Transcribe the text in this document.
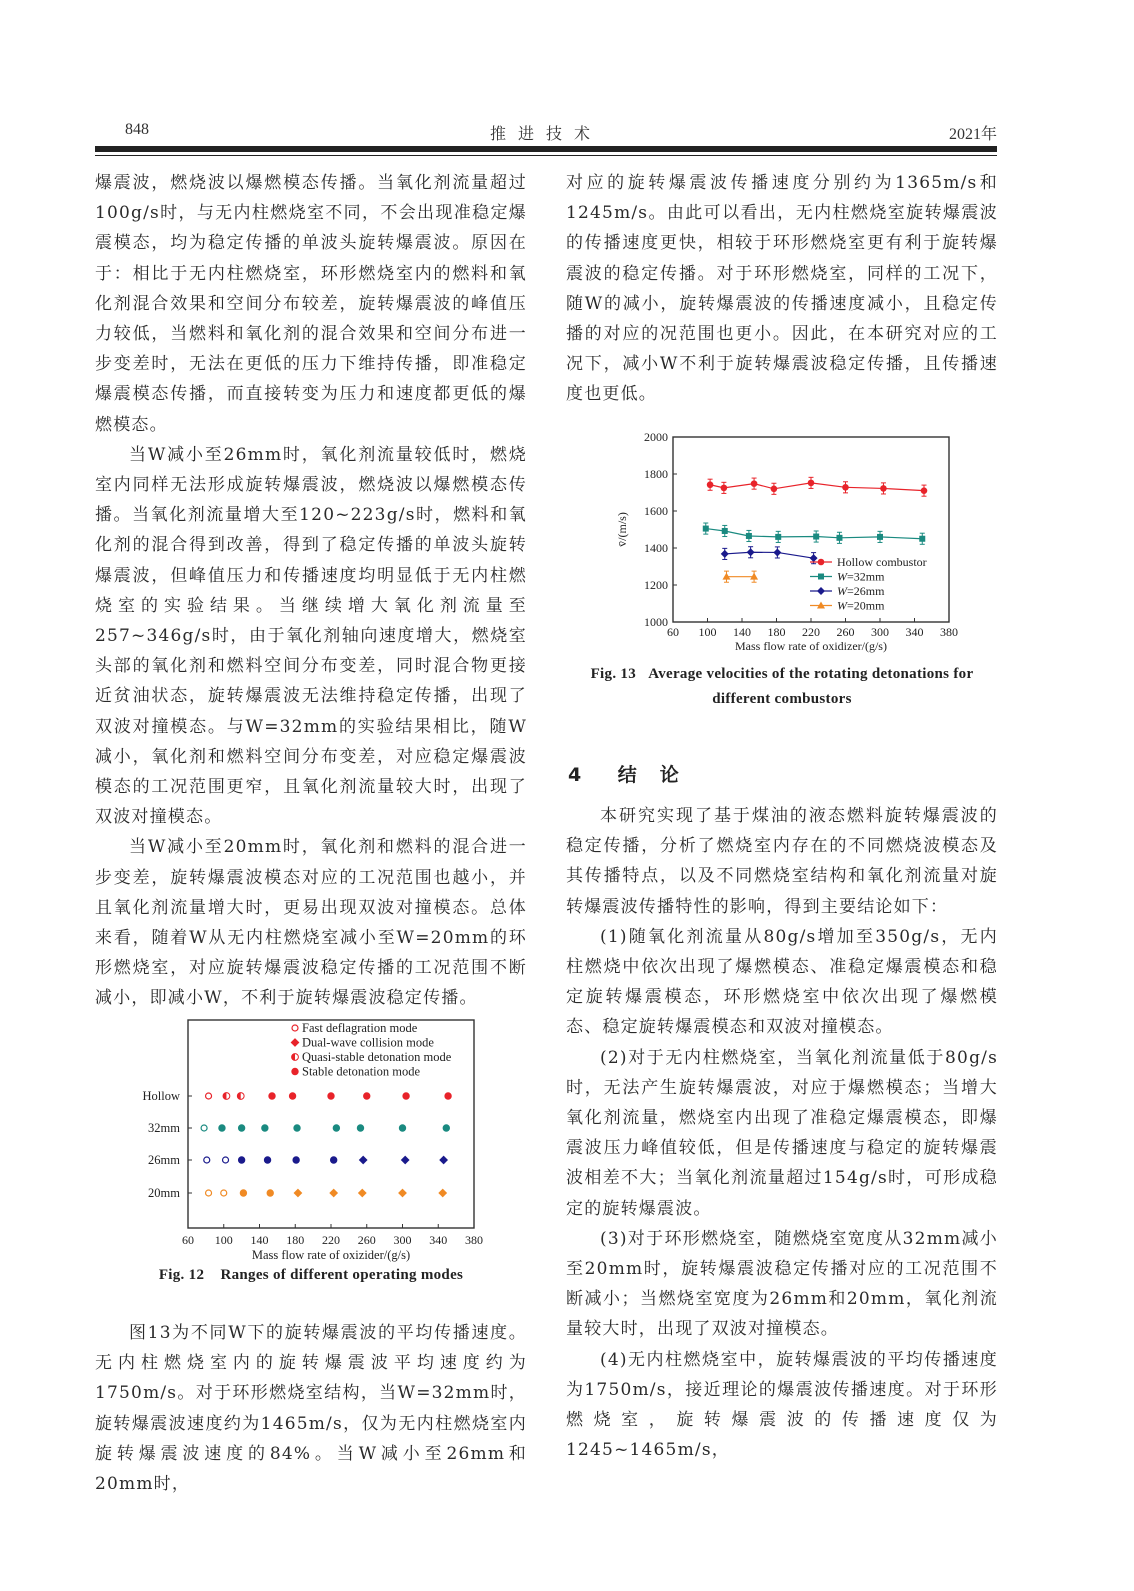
848	推进技术	2021年

爆震波，燃烧波以爆燃模态传播。当氧化剂流量超过100g/s时，与无内柱燃烧室不同，不会出现准稳定爆震模态，均为稳定传播的单波头旋转爆震波。原因在于：相比于无内柱燃烧室，环形燃烧室内的燃料和氧化剂混合效果和空间分布较差，旋转爆震波的峰值压力较低，当燃料和氧化剂的混合效果和空间分布进一步变差时，无法在更低的压力下维持传播，即准稳定爆震模态传播，而直接转变为压力和速度都更低的爆燃模态。

当W减小至26mm时，氧化剂流量较低时，燃烧室内同样无法形成旋转爆震波，燃烧波以爆燃模态传播。当氧化剂流量增大至120~223g/s时，燃料和氧化剂的混合得到改善，得到了稳定传播的单波头旋转爆震波，但峰值压力和传播速度均明显低于无内柱燃烧室的实验结果。当继续增大氧化剂流量至257~346g/s时，由于氧化剂轴向速度增大，燃烧室头部的氧化剂和燃料空间分布变差，同时混合物更接近贫油状态，旋转爆震波无法维持稳定传播，出现了双波对撞模态。与W=32mm的实验结果相比，随W减小，氧化剂和燃料空间分布变差，对应稳定爆震波模态的工况范围更窄，且氧化剂流量较大时，出现了双波对撞模态。

当W减小至20mm时，氧化剂和燃料的混合进一步变差，旋转爆震波模态对应的工况范围也越小，并且氧化剂流量增大时，更易出现双波对撞模态。总体来看，随着W从无内柱燃烧室减小至W=20mm的环形燃烧室，对应旋转爆震波稳定传播的工况范围不断减小，即减小W，不利于旋转爆震波稳定传播。

60 100 140 180 220 260 300 340 380
Mass flow rate of oxizider/(g/s)
Hollow
32mm
26mm
20mm
Fast deflagration mode
Dual-wave collision mode
Quasi-stable detonation mode
Stable detonation mode
Fig. 12 Ranges of different operating modes

图13为不同W下的旋转爆震波的平均传播速度。无内柱燃烧室内的旋转爆震波平均速度约为1750m/s。对于环形燃烧室结构，当W=32mm时，旋转爆震波速度约为1465m/s，仅为无内柱燃烧室内旋转爆震波速度的84%。当W减小至26mm和20mm时，

对应的旋转爆震波传播速度分别约为1365m/s和1245m/s。由此可以看出，无内柱燃烧室旋转爆震波的传播速度更快，相较于环形燃烧室更有利于旋转爆震波的稳定传播。对于环形燃烧室，同样的工况下，随W的减小，旋转爆震波的传播速度减小，且稳定传播的对应的况范围也更小。因此，在本研究对应的工况下，减小W不利于旋转爆震波稳定传播，且传播速度也更低。

60 100 140 180 220 260 300 340 380
1000
1200
1400
1600
1800
2000
Mass flow rate of oxidizer/(g/s)
v̄/(m/s)
Hollow combustor
W=32mm
W=26mm
W=20mm
Fig. 13 Average velocities of the rotating detonations for
different combustors
4 结　论

本研究实现了基于煤油的液态燃料旋转爆震波的稳定传播，分析了燃烧室内存在的不同燃烧波模态及其传播特点，以及不同燃烧室结构和氧化剂流量对旋转爆震波传播特性的影响，得到主要结论如下：

(1)随氧化剂流量从80g/s增加至350g/s，无内柱燃烧中依次出现了爆燃模态、准稳定爆震模态和稳定旋转爆震模态，环形燃烧室中依次出现了爆燃模态、稳定旋转爆震模态和双波对撞模态。

(2)对于无内柱燃烧室，当氧化剂流量低于80g/s时，无法产生旋转爆震波，对应于爆燃模态；当增大氧化剂流量，燃烧室内出现了准稳定爆震模态，即爆震波压力峰值较低，但是传播速度与稳定的旋转爆震波相差不大；当氧化剂流量超过154g/s时，可形成稳定的旋转爆震波。

(3)对于环形燃烧室，随燃烧室宽度从32mm减小至20mm时，旋转爆震波稳定传播对应的工况范围不断减小；当燃烧室宽度为26mm和20mm，氧化剂流量较大时，出现了双波对撞模态。

(4)无内柱燃烧室中，旋转爆震波的平均传播速度为1750m/s，接近理论的爆震波传播速度。对于环形燃烧室，旋转爆震波的传播速度仅为1245~1465m/s，
